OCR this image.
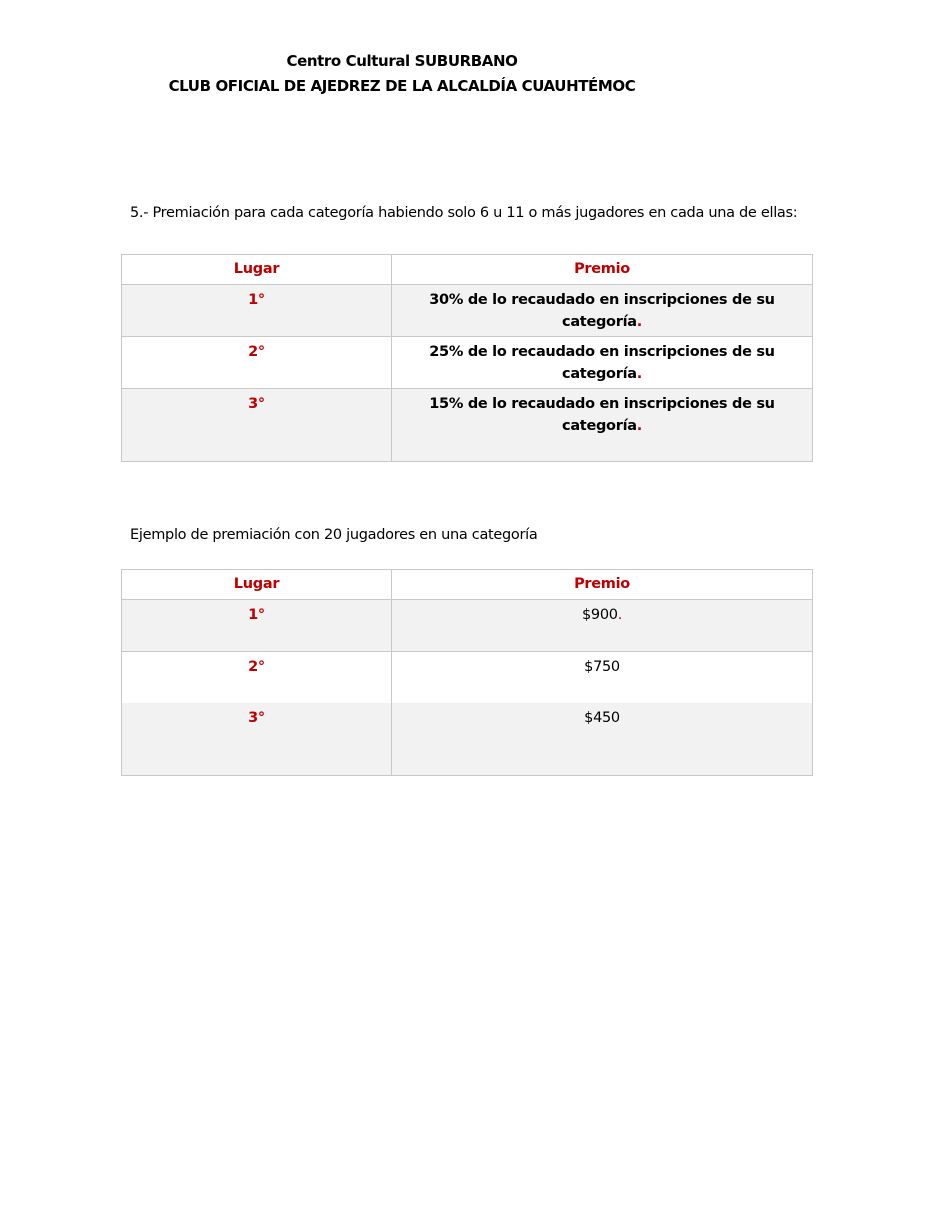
Centro Cultural SUBURBANO
CLUB OFICIAL DE AJEDREZ DE LA ALCALDÍA CUAUHTÉMOC
5.- Premiación para cada categoría habiendo solo 6 u 11 o más jugadores en cada una de ellas:
Lugar	Premio
1°	30% de lo recaudado en inscripciones de su categoría.
2°	25% de lo recaudado en inscripciones de su categoría.
3°	15% de lo recaudado en inscripciones de su categoría.
Ejemplo de premiación con 20 jugadores en una categoría
Lugar	Premio
1°	$900.
2°	$750
3°	$450
